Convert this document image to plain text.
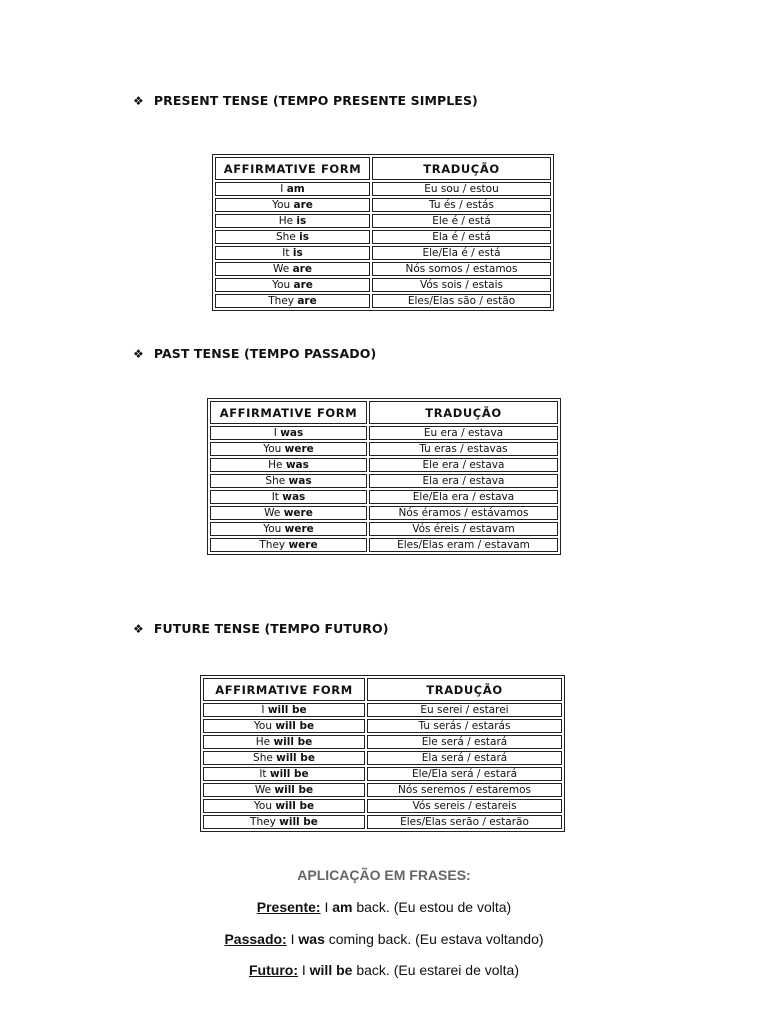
❖ PRESENT TENSE (TEMPO PRESENTE SIMPLES)
AFFIRMATIVE FORM	TRADUÇÃO
I am	Eu sou / estou
You are	Tu és / estás
He is	Ele é / está
She is	Ela é / está
It is	Ele/Ela é / está
We are	Nós somos / estamos
You are	Vós sois / estais
They are	Eles/Elas são / estão
❖ PAST TENSE (TEMPO PASSADO)
AFFIRMATIVE FORM	TRADUÇÃO
I was	Eu era / estava
You were	Tu eras / estavas
He was	Ele era / estava
She was	Ela era / estava
It was	Ele/Ela era / estava
We were	Nós éramos / estávamos
You were	Vós éreis / estavam
They were	Eles/Elas eram / estavam
❖ FUTURE TENSE (TEMPO FUTURO)
AFFIRMATIVE FORM	TRADUÇÃO
I will be	Eu serei / estarei
You will be	Tu serás / estarás
He will be	Ele será / estará
She will be	Ela será / estará
It will be	Ele/Ela será / estará
We will be	Nós seremos / estaremos
You will be	Vós sereis / estareis
They will be	Eles/Elas serão / estarão
APLICAÇÃO EM FRASES:
Presente: I am back. (Eu estou de volta)
Passado: I was coming back. (Eu estava voltando)
Futuro: I will be back. (Eu estarei de volta)
